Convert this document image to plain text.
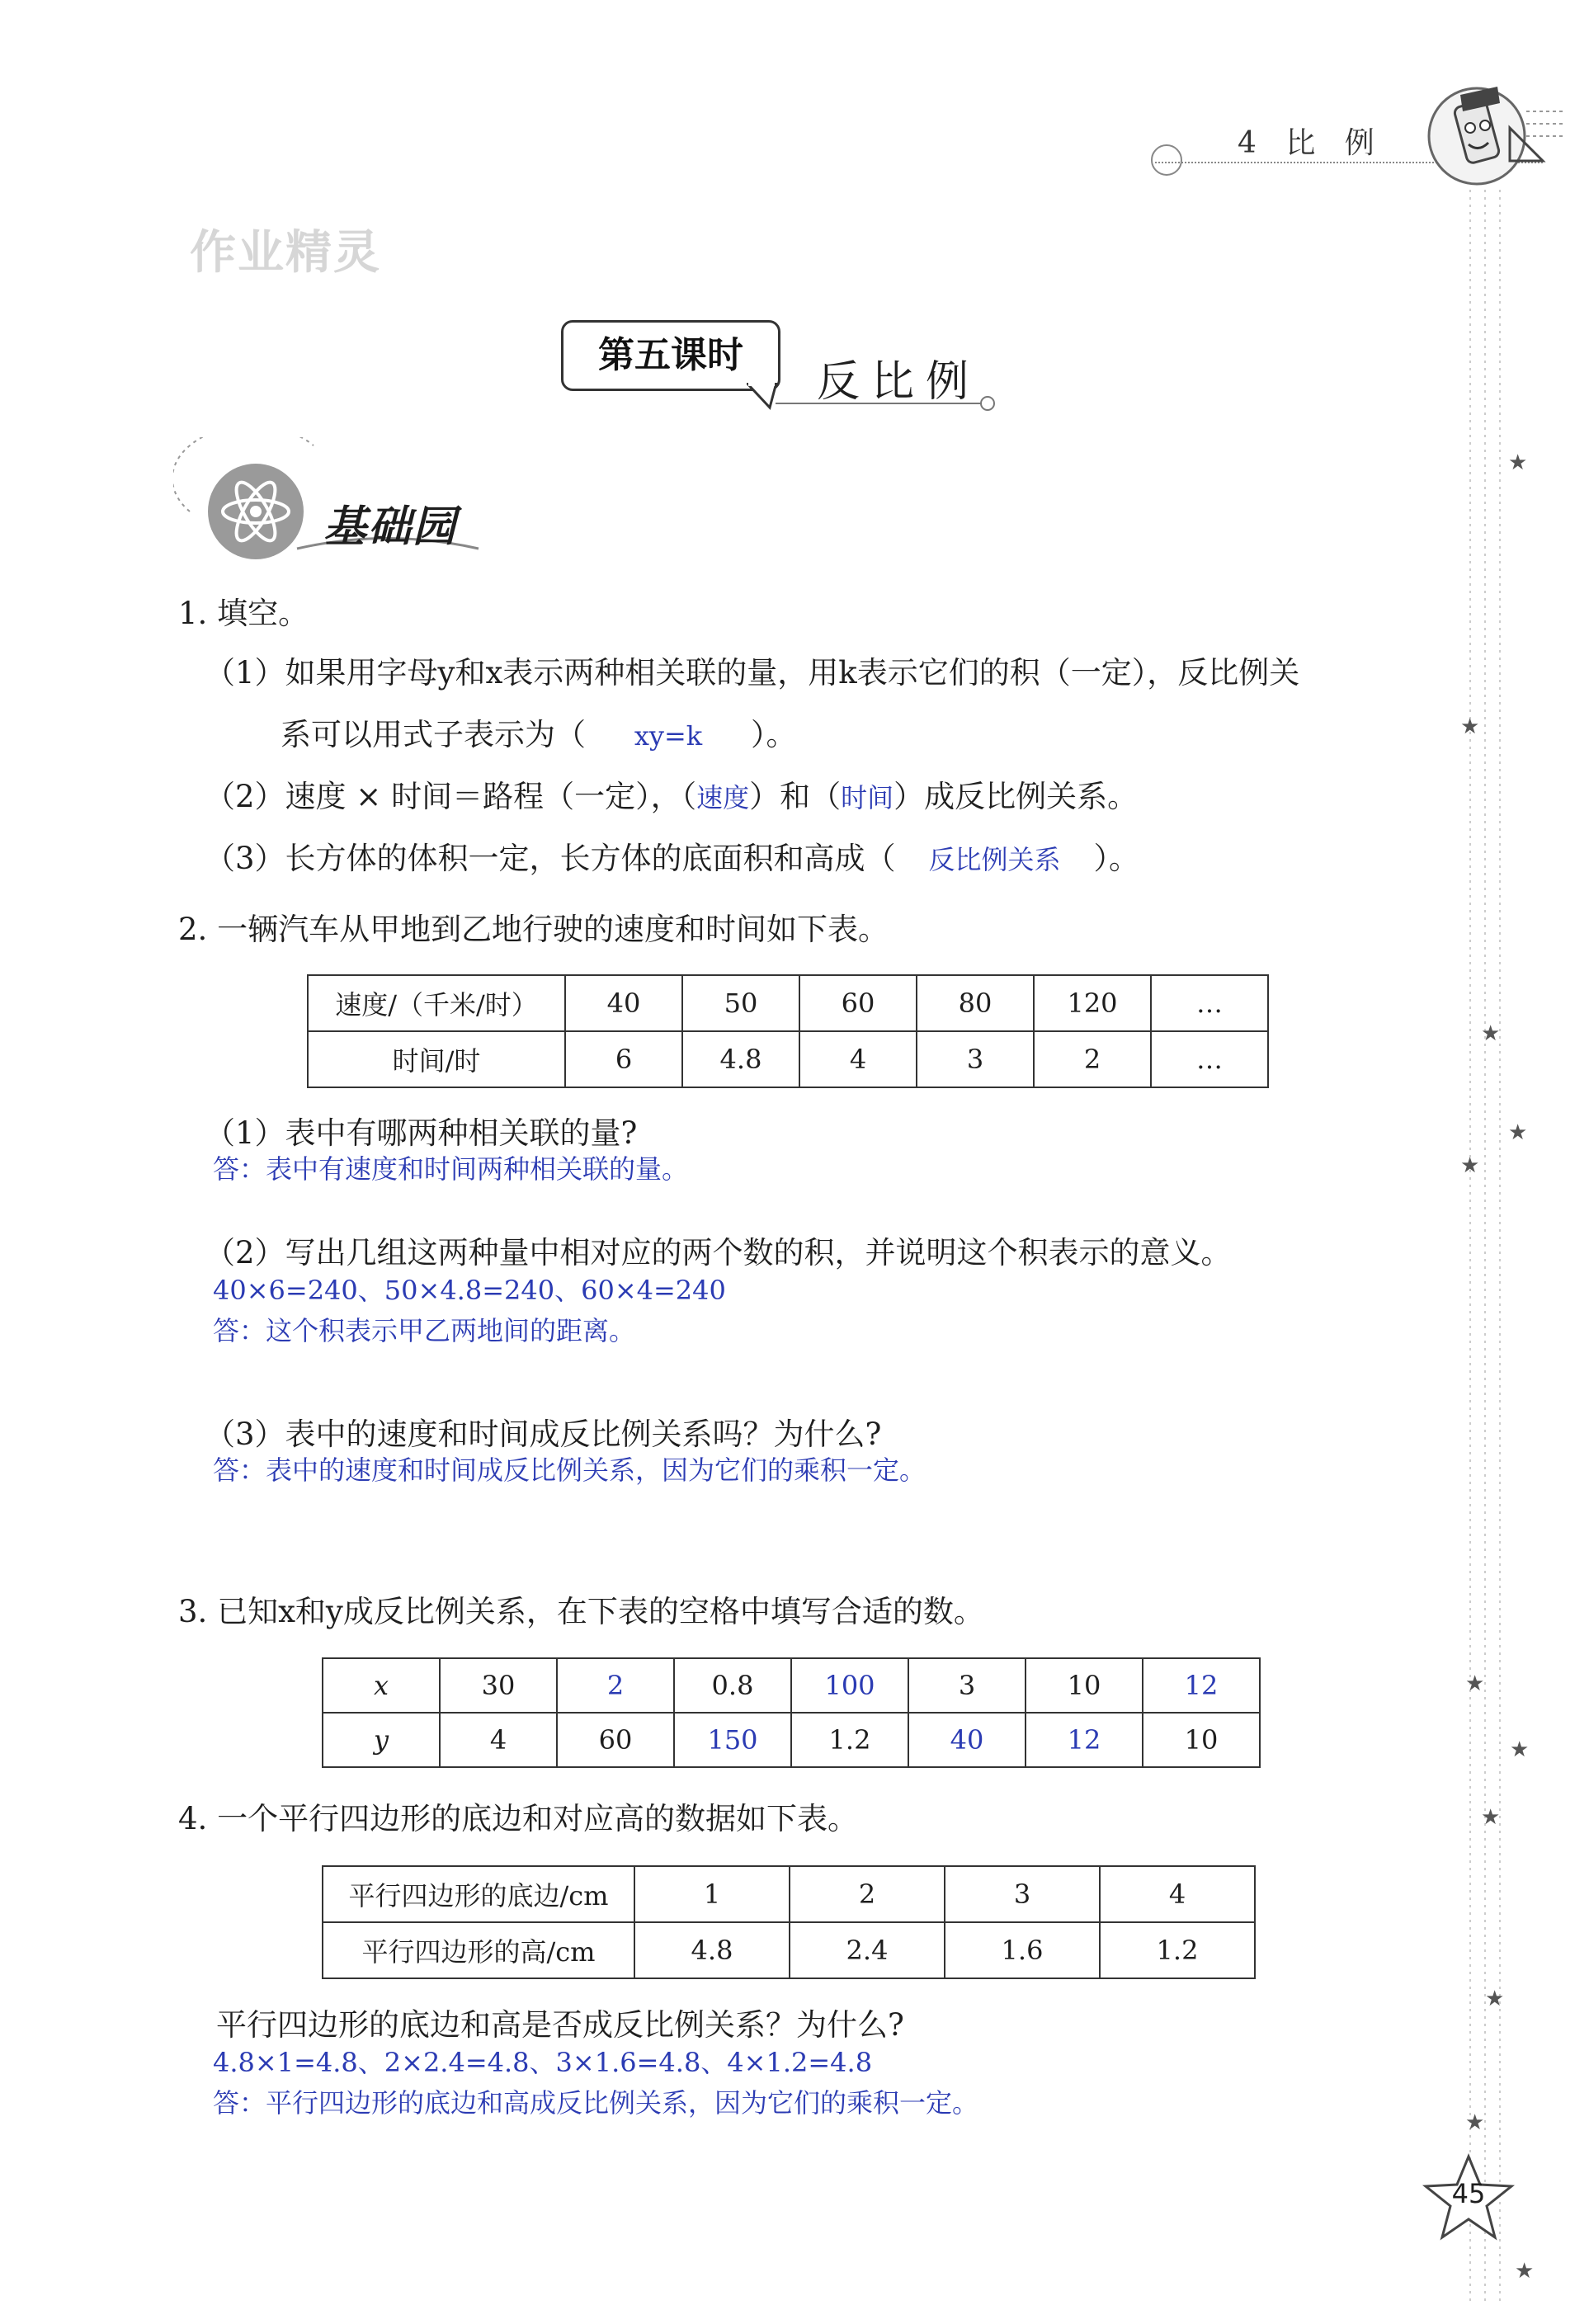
4 比 例
★
★
★
★
★
★
★
★
★
★
★
作业精灵
第五课时
反比例
基础园
1. 填空。
（1）如果用字母y和x表示两种相关联的量，用k表示它们的积（一定），反比例关
系可以用式子表示为（ xy=k ）。
（2）速度 × 时间＝路程（一定），（速度）和（时间）成反比例关系。
（3）长方体的体积一定，长方体的底面积和高成（ 反比例关系 ）。
2. 一辆汽车从甲地到乙地行驶的速度和时间如下表。
速度/（千米/时）	40	50	60	80	120	…
时间/时	6	4.8	4	3	2	…
（1）表中有哪两种相关联的量?
答：表中有速度和时间两种相关联的量。
（2）写出几组这两种量中相对应的两个数的积，并说明这个积表示的意义。
40×6=240、50×4.8=240、60×4=240
答：这个积表示甲乙两地间的距离。
（3）表中的速度和时间成反比例关系吗？为什么?
答：表中的速度和时间成反比例关系，因为它们的乘积一定。
3. 已知x和y成反比例关系，在下表的空格中填写合适的数。
x	30	2	0.8	100	3	10	12
y	4	60	150	1.2	40	12	10
4. 一个平行四边形的底边和对应高的数据如下表。
平行四边形的底边/cm	1	2	3	4
平行四边形的高/cm	4.8	2.4	1.6	1.2
平行四边形的底边和高是否成反比例关系？为什么?
4.8×1=4.8、2×2.4=4.8、3×1.6=4.8、4×1.2=4.8
答：平行四边形的底边和高成反比例关系，因为它们的乘积一定。
45
